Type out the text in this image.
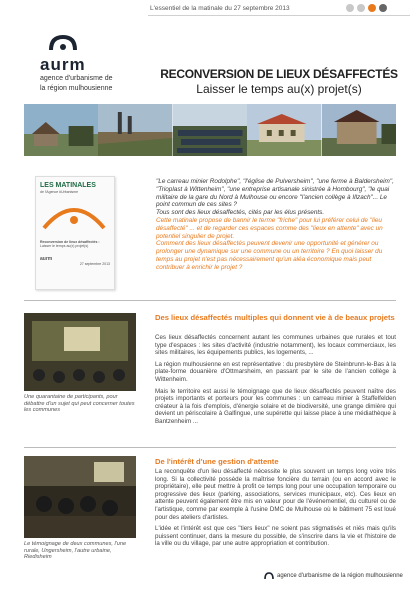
L'essentiel de la matinale du 27 septembre 2013
aurm
agence d'urbanisme de
la région mulhousienne
RECONVERSION DE LIEUX DÉSAFFECTÉS
Laisser le temps au(x) projet(s)
LES MATINALES
de l'Agence #Urbanisme
Reconversion de lieux désaffectés :
Laisser le temps au(x) projet(s)
aurm
27 septembre 2013

"Le carreau minier Rodolphe", "l'église de Pulversheim", "une ferme à Baldersheim", "Trioplast à Wittenheim", "une entreprise artisanale sinistrée à Hombourg", "le quai militaire de la gare du Nord à Mulhouse ou encore "l'ancien collège à Illzach"... Le point commun de ces sites ?

Tous sont des lieux désaffectés, cités par les élus présents.

Cette matinale propose de bannir le terme "friche" pour lui préférer celui de "lieu désaffecté" ... et de regarder ces espaces comme des "lieux en attente" avec un potentiel singulier de projet.

Comment des lieux désaffectés peuvent devenir une opportunité et générer ou prolonger une dynamique sur une commune ou un territoire ? En quoi laisser du temps au projet n'est pas nécessairement qu'un aléa économique mais peut contribuer à enrichir le projet ?

Une quarantaine de participants, pour débattre d'un sujet qui peut concerner toutes les communes
Des lieux désaffectés multiples qui donnent vie à de beaux projets

Ces lieux désaffectés concernent autant les communes urbaines que rurales et tout type d'espaces : les sites d'activité (industrie notamment), les locaux commerciaux, les sites militaires, les équipements publics, les logements, ...

La région mulhousienne en est représentative : du presbytère de Steinbrunn-le-Bas à la plate-forme douanière d'Ottmarsheim, en passant par le site de l'ancien collège à Wittenheim.

Mais le territoire est aussi le témoignage que de lieux désaffectés peuvent naître des projets importants et porteurs pour les communes : un carreau minier à Staffelfelden créateur à la fois d'emplois, d'énergie solaire et de biodiversité, une grange dimière qui devient un périscolaire à Galfingue, une supérette qui laisse place à une médiathèque à Bantzenheim ...

Le témoignage de deux communes, l'une rurale, Ungersheim, l'autre urbaine, Riedisheim
De l'intérêt d'une gestion d'attente

La reconquête d'un lieu désaffecté nécessite le plus souvent un temps long voire très long. Si la collectivité possède la maîtrise foncière du terrain (ou en accord avec le propriétaire), elle peut mettre à profit ce temps long pour une occupation temporaire ou progressive des lieux (parking, associations, services municipaux, etc). Ces lieux en attente peuvent également être mis en valeur pour de l'événementiel, du culturel ou de l'artistique, comme par exemple à l'usine DMC de Mulhouse où le bâtiment 75 est loué pour des ateliers d'artistes.

L'idée et l'intérêt est que ces "tiers lieux" ne soient pas stigmatisés et niés mais qu'ils puissent continuer, dans la mesure du possible, de s'inscrire dans la vie et l'histoire de la ville ou du village, par une autre appropriation et contribution.

agence d'urbanisme de la région mulhousienne
